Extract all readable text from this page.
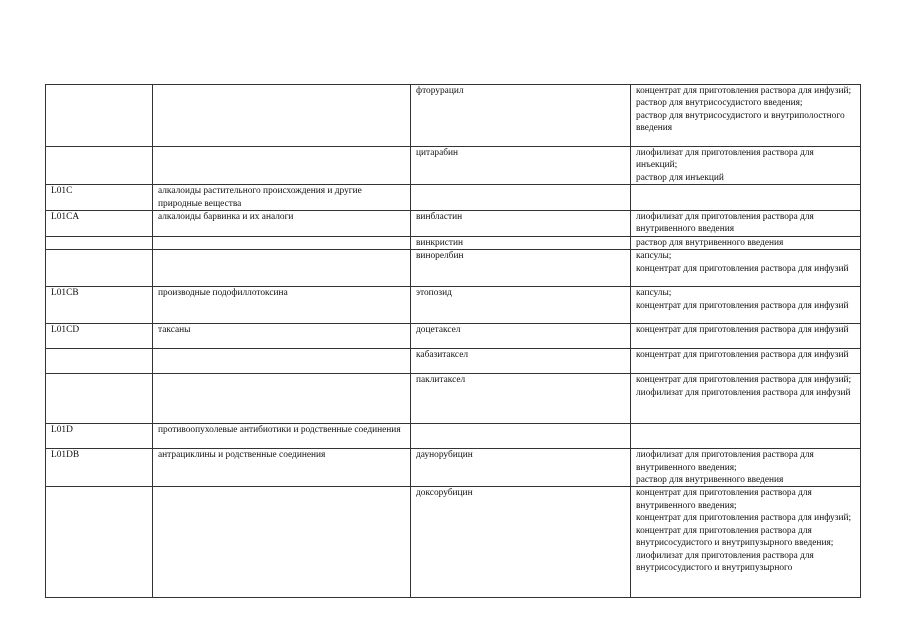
		фторурацил	концентрат для приготовления раствора для инфузий;
раствор для внутрисосудистого введения;
раствор для внутрисосудистого и внутриполостного введения
		цитарабин	лиофилизат для приготовления раствора для инъекций;
раствор для инъекций
L01C	алкалоиды растительного происхождения и другие природные вещества		
L01CA	алкалоиды барвинка и их аналоги	винбластин	лиофилизат для приготовления раствора для внутривенного введения
		винкристин	раствор для внутривенного введения
		винорелбин	капсулы;
концентрат для приготовления раствора для инфузий
L01CB	производные подофиллотоксина	этопозид	капсулы;
концентрат для приготовления раствора для инфузий
L01CD	таксаны	доцетаксел	концентрат для приготовления раствора для инфузий
		кабазитаксел	концентрат для приготовления раствора для инфузий
		паклитаксел	концентрат для приготовления раствора для инфузий;
лиофилизат для приготовления раствора для инфузий
L01D	противоопухолевые антибиотики и родственные соединения		
L01DB	антрациклины и родственные соединения	даунорубицин	лиофилизат для приготовления раствора для внутривенного введения;
раствор для внутривенного введения
		доксорубицин	концентрат для приготовления раствора для внутривенного введения;
концентрат для приготовления раствора для инфузий;
концентрат для приготовления раствора для внутрисосудистого и внутрипузырного введения;
лиофилизат для приготовления раствора для внутрисосудистого и внутрипузырного
